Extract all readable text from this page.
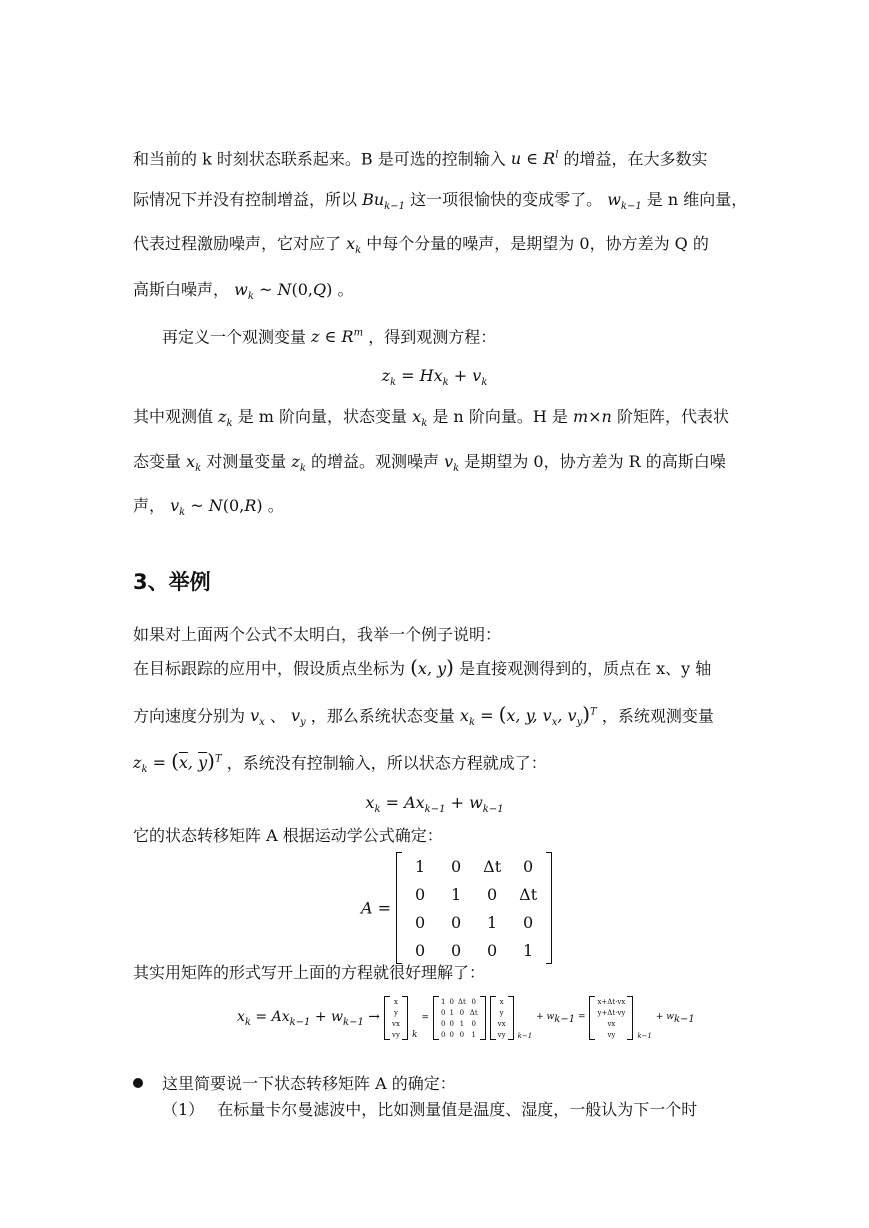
和当前的 k 时刻状态联系起来。B 是可选的控制输入 u ∈ $R^l$ 的增益，在大多数实
际情况下并没有控制增益，所以 $Bu_{k-1}$ 这一项很愉快的变成零了。 $w_{k-1}$ 是 n 维向量，
代表过程激励噪声，它对应了 $x_k$ 中每个分量的噪声，是期望为 0，协方差为 Q 的
高斯白噪声， $w_k$ ~ N(0,Q) 。
再定义一个观测变量 z ∈ $R^m$ ，得到观测方程：
$z_k = Hx_k + v_k$
其中观测值 $z_k$ 是 m 阶向量，状态变量 $x_k$ 是 n 阶向量。H 是 m×n 阶矩阵，代表状
态变量 $x_k$ 对测量变量 $z_k$ 的增益。观测噪声 $v_k$ 是期望为 0，协方差为 R 的高斯白噪
声， $v_k$ ~ N(0,R) 。
3、举例
如果对上面两个公式不太明白，我举一个例子说明：
在目标跟踪的应用中，假设质点坐标为 (x, y) 是直接观测得到的，质点在 x、y 轴
方向速度分别为 $v_x$ 、 $v_y$ ，那么系统状态变量 $x_k = (x$, y, $v_x$, $v_y)^T$ ，系统观测变量
$z_k = (\overline{x}$, $\overline{y})^T$ ，系统没有控制输入，所以状态方程就成了：
$x_k = Ax_{k-1} + w_{k-1}$
它的状态转移矩阵 A 根据运动学公式确定：
A =
1	0	Δt	0
0	1	0	Δt
0	0	1	0
0	0	0	1
其实用矩阵的形式写开上面的方程就很好理解了：
$x_k = Ax_{k-1} + w_{k-1}$ →
x
y
vx
vy k
=
1	0	Δt	0
0	1	0	Δt
0	0	1	0
0	0	0	1
x
y
vx
vy k−1
+ $w_{k-1}$ =
x+Δt·vx
y+Δt·vy
vx
vy	k−1
+ $w_{k-1}$
这里简要说一下状态转移矩阵 A 的确定：
（1） 在标量卡尔曼滤波中，比如测量值是温度、湿度，一般认为下一个时
